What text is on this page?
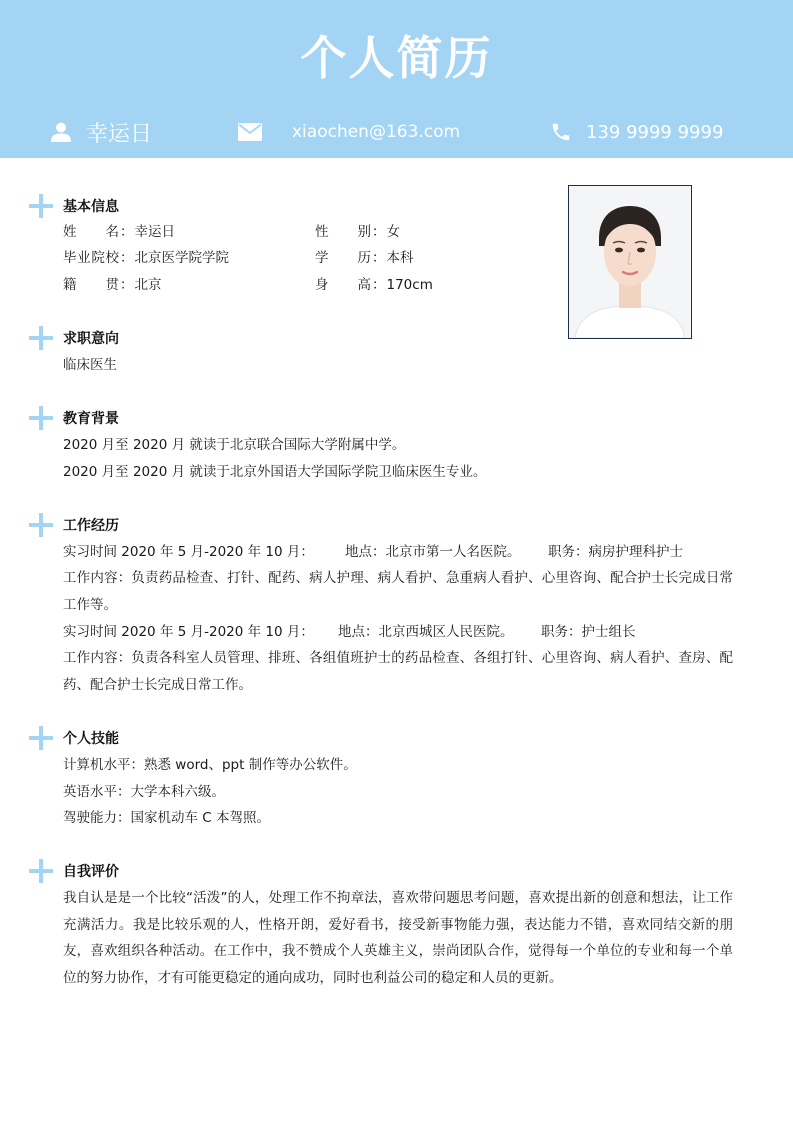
个人简历
幸运日	xiaochen@163.com	139 9999 9999
基本信息
姓名 ： 幸运日	性别 ： 女
毕业院校 ： 北京医学院学院	学历 ： 本科
籍贯 ： 北京	身高 ： 170cm
求职意向
临床医生
教育背景
2020 月至 2020 月 就读于北京联合国际大学附属中学。
2020 月至 2020 月 就读于北京外国语大学国际学院卫临床医生专业。
工作经历
实习时间 2020 年 5 月-2020 年 10 月： 地点：北京市第一人名医院。 职务：病房护理科护士
工作内容：负责药品检查、打针、配药、病人护理、病人看护、急重病人看护、心里咨询、配合护士长完成日常工作等。
实习时间 2020 年 5 月-2020 年 10 月： 地点：北京西城区人民医院。 职务：护士组长
工作内容：负责各科室人员管理、排班、各组值班护士的药品检查、各组打针、心里咨询、病人看护、查房、配药、配合护士长完成日常工作。
个人技能
计算机水平：熟悉 word、ppt 制作等办公软件。
英语水平：大学本科六级。
驾驶能力：国家机动车 C 本驾照。
自我评价
我自认是是一个比较“活泼”的人，处理工作不拘章法，喜欢带问题思考问题，喜欢提出新的创意和想法，让工作充满活力。我是比较乐观的人，性格开朗，爱好看书，接受新事物能力强，表达能力不错，喜欢同结交新的朋友，喜欢组织各种活动。在工作中，我不赞成个人英雄主义，崇尚团队合作，觉得每一个单位的专业和每一个单位的努力协作，才有可能更稳定的通向成功，同时也利益公司的稳定和人员的更新。
